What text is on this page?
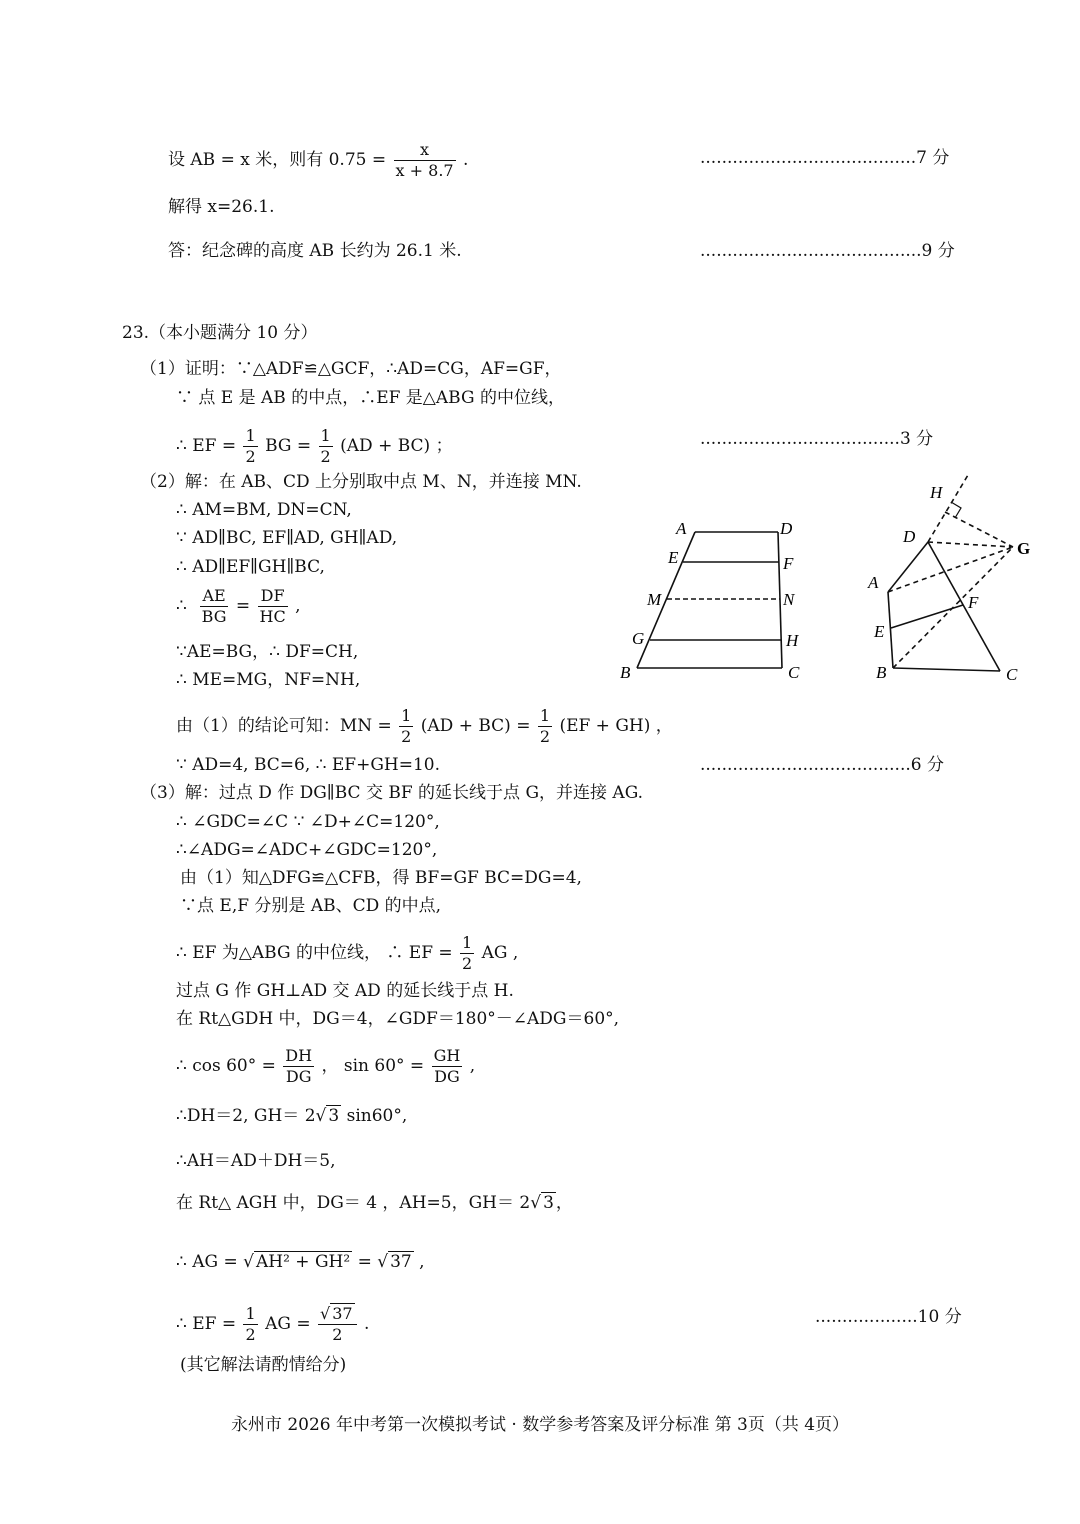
设 AB = x 米，则有 $0.75 = \frac{x}{x + 8.7}$ .	........................................7 分
解得 x=26.1.
答：纪念碑的高度 AB 长约为 26.1 米.	.........................................9 分
23.（本小题满分 10 分）
（1）证明：∵△ADF≌△GCF，∴AD=CG，AF=GF，
∵ 点 E 是 AB 的中点，∴EF 是△ABG 的中位线，
∴ EF = $\frac{1}{2}$ BG = $\frac{1}{2} (AD + BC)$ ；	.....................................3 分
（2）解：在 AB、CD 上分别取中点 M、N，并连接 MN.
∴ AM=BM, DN=CN,
∵ AD∥BC, EF∥AD, GH∥AD,
∴ AD∥EF∥GH∥BC,
∴ $\frac{AE}{BG} = \frac{DF}{HC}$ ,
∵AE=BG，∴ DF=CH,
∴ ME=MG，NF=NH,
由（1）的结论可知：MN = $\frac{1}{2} (AD + BC) = \frac{1}{2} (EF + GH)$ ，
∵ AD=4, BC=6, ∴ EF+GH=10.	.......................................6 分
（3）解：过点 D 作 DG∥BC 交 BF 的延长线于点 G，并连接 AG.
∴ ∠GDC=∠C ∵ ∠D+∠C=120°,
∴∠ADG=∠ADC+∠GDC=120°,
由（1）知△DFG≌△CFB，得 BF=GF BC=DG=4,
∵点 E,F 分别是 AB、CD 的中点,
∴ EF 为△ABG 的中位线， ∴ EF = $\frac{1}{2}$ AG ,
过点 G 作 GH⊥AD 交 AD 的延长线于点 H.
在 Rt△GDH 中，DG＝4，∠GDF＝180°－∠ADG＝60°,
∴ $\cos 60^\circ = \frac{DH}{DG}$ ， $\sin 60^\circ = \frac{GH}{DG}$ ,
∴DH＝2, GH＝ 2√ 3 sin60°,
∴AH＝AD＋DH＝5,
在 Rt△ AGH 中，DG＝ 4 ，AH=5，GH＝ 2√ 3 ，
∴ AG = √ AH² + GH² = √ 37 ,
∴ EF = $\frac{1}{2}$ AG = $\frac{√ 37}{2}$ .	...................10 分
(其它解法请酌情给分)
A	D
E	F
M	N
G	H
B	C
H
D
G
A
F
E
B	C
永州市 2026 年中考第一次模拟考试 · 数学参考答案及评分标准 第 3页（共 4页）
